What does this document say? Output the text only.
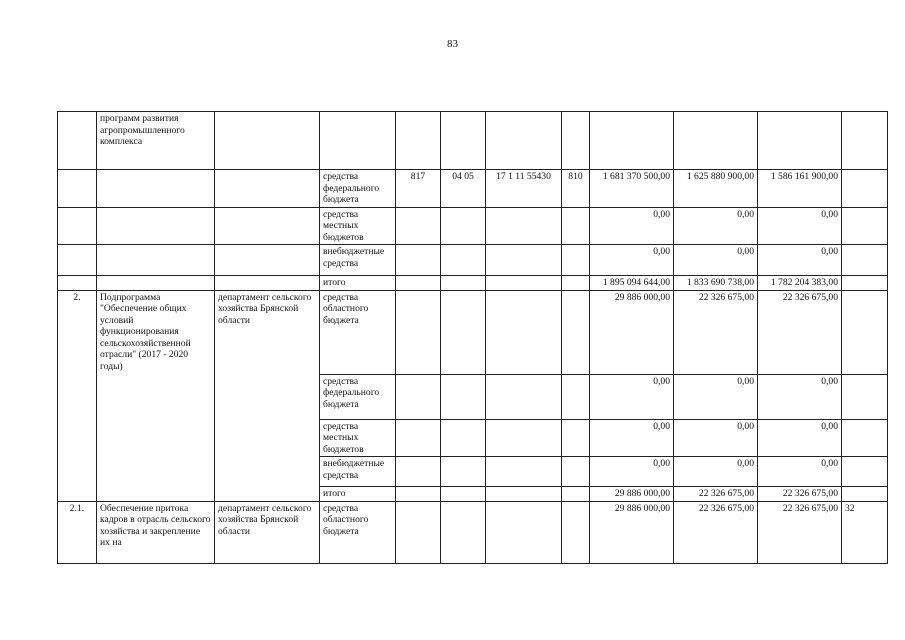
83
	программ развития агропромышленного комплекса										
			средства федерального бюджета	817	04 05	17 1 11 55430	810	1 681 370 500,00	1 625 880 900,00	1 586 161 900,00	
			средства местных бюджетов					0,00	0,00	0,00	
			внебюджетные средства					0,00	0,00	0,00	
			итого					1 895 094 644,00	1 833 690 738,00	1 782 204 383,00	
2.	Подпрограмма "Обеспечение общих условий функционирования сельскохозяйственной отрасли" (2017 - 2020 годы)	департамент сельского хозяйства Брянской области	средства областного бюджета					29 886 000,00	22 326 675,00	22 326 675,00	
			средства федерального бюджета					0,00	0,00	0,00	
			средства местных бюджетов					0,00	0,00	0,00	
			внебюджетные средства					0,00	0,00	0,00	
			итого					29 886 000,00	22 326 675,00	22 326 675,00	
2.1.	Обеспечение притока кадров в отрасль сельского хозяйства и закрепление их на	департамент сельского хозяйства Брянской области	средства областного бюджета					29 886 000,00	22 326 675,00	22 326 675,00	32
